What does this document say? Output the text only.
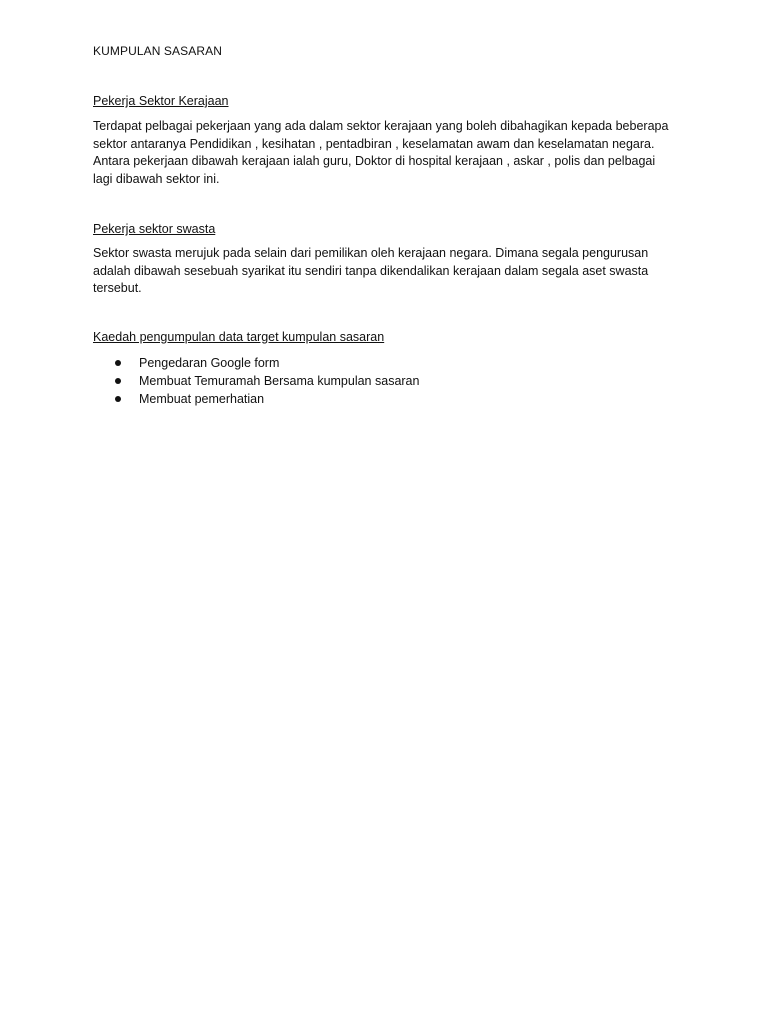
KUMPULAN SASARAN
Pekerja Sektor Kerajaan

Terdapat pelbagai pekerjaan yang ada dalam sektor kerajaan yang boleh dibahagikan kepada beberapa sektor antaranya Pendidikan , kesihatan , pentadbiran , keselamatan awam dan keselamatan negara. Antara pekerjaan dibawah kerajaan ialah guru, Doktor di hospital kerajaan , askar , polis dan pelbagai lagi dibawah sektor ini.

Pekerja sektor swasta

Sektor swasta merujuk pada selain dari pemilikan oleh kerajaan negara. Dimana segala pengurusan adalah dibawah sesebuah syarikat itu sendiri tanpa dikendalikan kerajaan dalam segala aset swasta tersebut.

Kaedah pengumpulan data target kumpulan sasaran
Pengedaran Google form
Membuat Temuramah Bersama kumpulan sasaran
Membuat pemerhatian
